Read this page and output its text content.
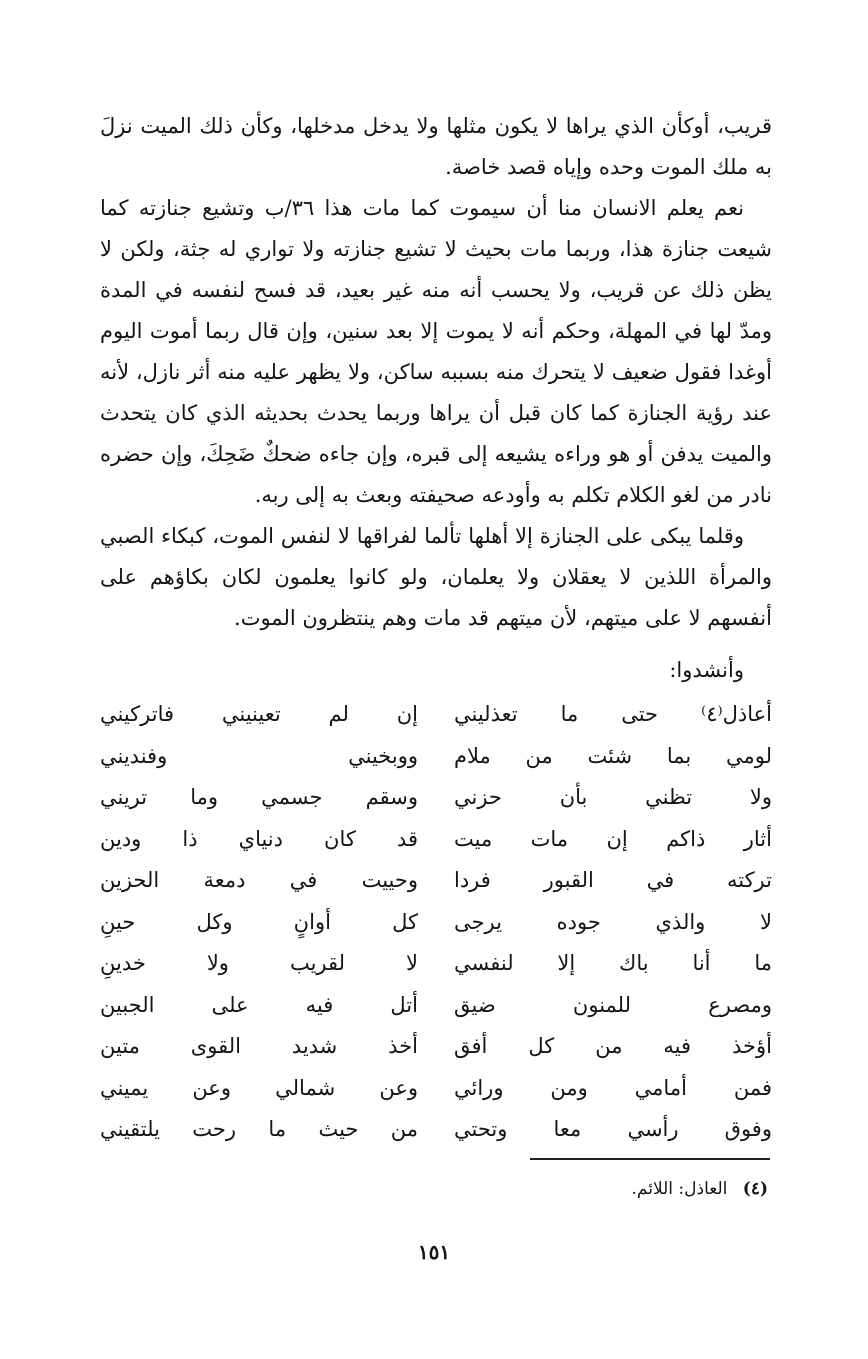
قريب، أوكأن الذي يراها لا يكون مثلها ولا يدخل مدخلها، وكأن ذلك الميت نزلَ به ملك الموت وحده وإياه قصد خاصة.

نعم يعلم الانسان منا أن سيموت كما مات هذا ٣٦/ب وتشيع جنازته كما شيعت جنازة هذا، وربما مات بحيث لا تشيع جنازته ولا تواري له جثة، ولكن لا يظن ذلك عن قريب، ولا يحسب أنه منه غير بعيد، قد فسح لنفسه في المدة ومدّ لها في المهلة، وحكم أنه لا يموت إلا بعد سنين، وإن قال ربما أموت اليوم أوغدا فقول ضعيف لا يتحرك منه بسببه ساكن، ولا يظهر عليه منه أثر نازل، لأنه عند رؤية الجنازة كما كان قبل أن يراها وربما يحدث بحديثه الذي كان يتحدث والميت يدفن أو هو وراءه يشيعه إلى قبره، وإن جاءه ضحكٌ ضَحِكَ، وإن حضره نادر من لغو الكلام تكلم به وأودعه صحيفته وبعث به إلى ربه.

وقلما يبكى على الجنازة إلا أهلها تألما لفراقها لا لنفس الموت، كبكاء الصبي والمرأة اللذين لا يعقلان ولا يعلمان، ولو كانوا يعلمون لكان بكاؤهم على أنفسهم لا على ميتهم، لأن ميتهم قد مات وهم ينتظرون الموت.

وأنشدوا:

أعاذل⁽٤⁾ حتى ما تعذليني
إن لم تعينيني فاتركيني
لومي بما شئت من ملام
ووبخيني وفنديني
ولا تظني بأن حزني
وسقم جسمي وما تريني
أثار ذاكم إن مات ميت
قد كان دنياي ذا ودين
تركته في القبور فردا
وحييت في دمعة الحزين
لا والذي جوده يرجى
كل أوانٍ وكل حينِ
ما أنا باك إلا لنفسي
لا لقريب ولا خدينِ
ومصرع للمنون ضيق
أتل فيه على الجبين
أؤخذ فيه من كل أفق
أخذ شديد القوى متين
فمن أمامي ومن ورائي
وعن شمالي وعن يميني
وفوق رأسي معا وتحتي
من حيث ما رحت يلتقيني
(٤) العاذل: اللائم.
١٥١
